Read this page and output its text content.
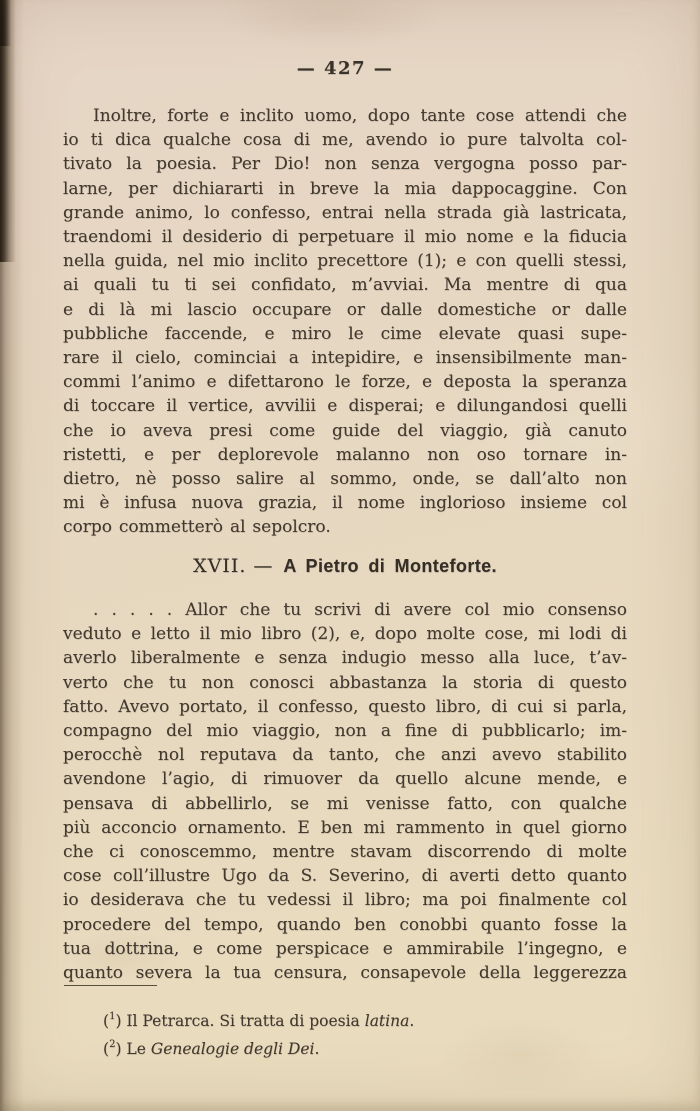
— 427 —
Inoltre, forte e inclito uomo, dopo tante cose attendi che
io ti dica qualche cosa di me, avendo io pure talvolta col-
tivato la poesia. Per Dio! non senza vergogna posso par-
larne, per dichiararti in breve la mia dappocaggine. Con
grande animo, lo confesso, entrai nella strada già lastricata,
traendomi il desiderio di perpetuare il mio nome e la fiducia
nella guida, nel mio inclito precettore (1); e con quelli stessi,
ai quali tu ti sei confidato, m’avviai. Ma mentre di qua
e di là mi lascio occupare or dalle domestiche or dalle
pubbliche faccende, e miro le cime elevate quasi supe-
rare il cielo, cominciai a intepidire, e insensibilmente man-
commi l’animo e difettarono le forze, e deposta la speranza
di toccare il vertice, avvilii e disperai; e dilungandosi quelli
che io aveva presi come guide del viaggio, già canuto
ristetti, e per deplorevole malanno non oso tornare in-
dietro, nè posso salire al sommo, onde, se dall’alto non
mi è infusa nuova grazia, il nome inglorioso insieme col
corpo commetterò al sepolcro.
XVII. — A Pietro di Monteforte.
. . . . . Allor che tu scrivi di avere col mio consenso
veduto e letto il mio libro (2), e, dopo molte cose, mi lodi di
averlo liberalmente e senza indugio messo alla luce, t’av-
verto che tu non conosci abbastanza la storia di questo
fatto. Avevo portato, il confesso, questo libro, di cui si parla,
compagno del mio viaggio, non a fine di pubblicarlo; im-
perocchè nol reputava da tanto, che anzi avevo stabilito
avendone l’agio, di rimuover da quello alcune mende, e
pensava di abbellirlo, se mi venisse fatto, con qualche
più acconcio ornamento. E ben mi rammento in quel giorno
che ci conoscemmo, mentre stavam discorrendo di molte
cose coll’illustre Ugo da S. Severino, di averti detto quanto
io desiderava che tu vedessi il libro; ma poi finalmente col
procedere del tempo, quando ben conobbi quanto fosse la
tua dottrina, e come perspicace e ammirabile l’ingegno, e
quanto severa la tua censura, consapevole della leggerezza
($^1$) Il Petrarca. Si tratta di poesia latina.
($^2$) Le Genealogie degli Dei.
